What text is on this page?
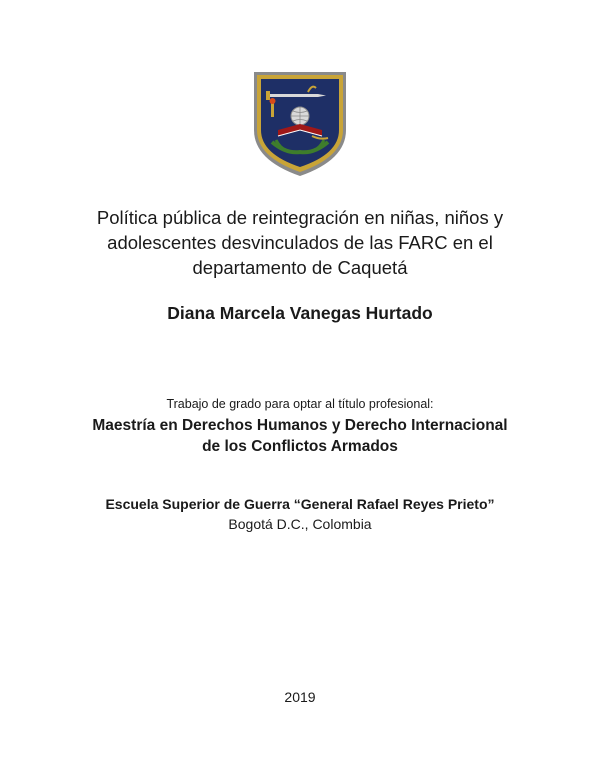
Política pública de reintegración en niñas, niños y
adolescentes desvinculados de las FARC en el
departamento de Caquetá
Diana Marcela Vanegas Hurtado
Trabajo de grado para optar al título profesional:
Maestría en Derechos Humanos y Derecho Internacional
de los Conflictos Armados
Escuela Superior de Guerra “General Rafael Reyes Prieto”
Bogotá D.C., Colombia
2019
